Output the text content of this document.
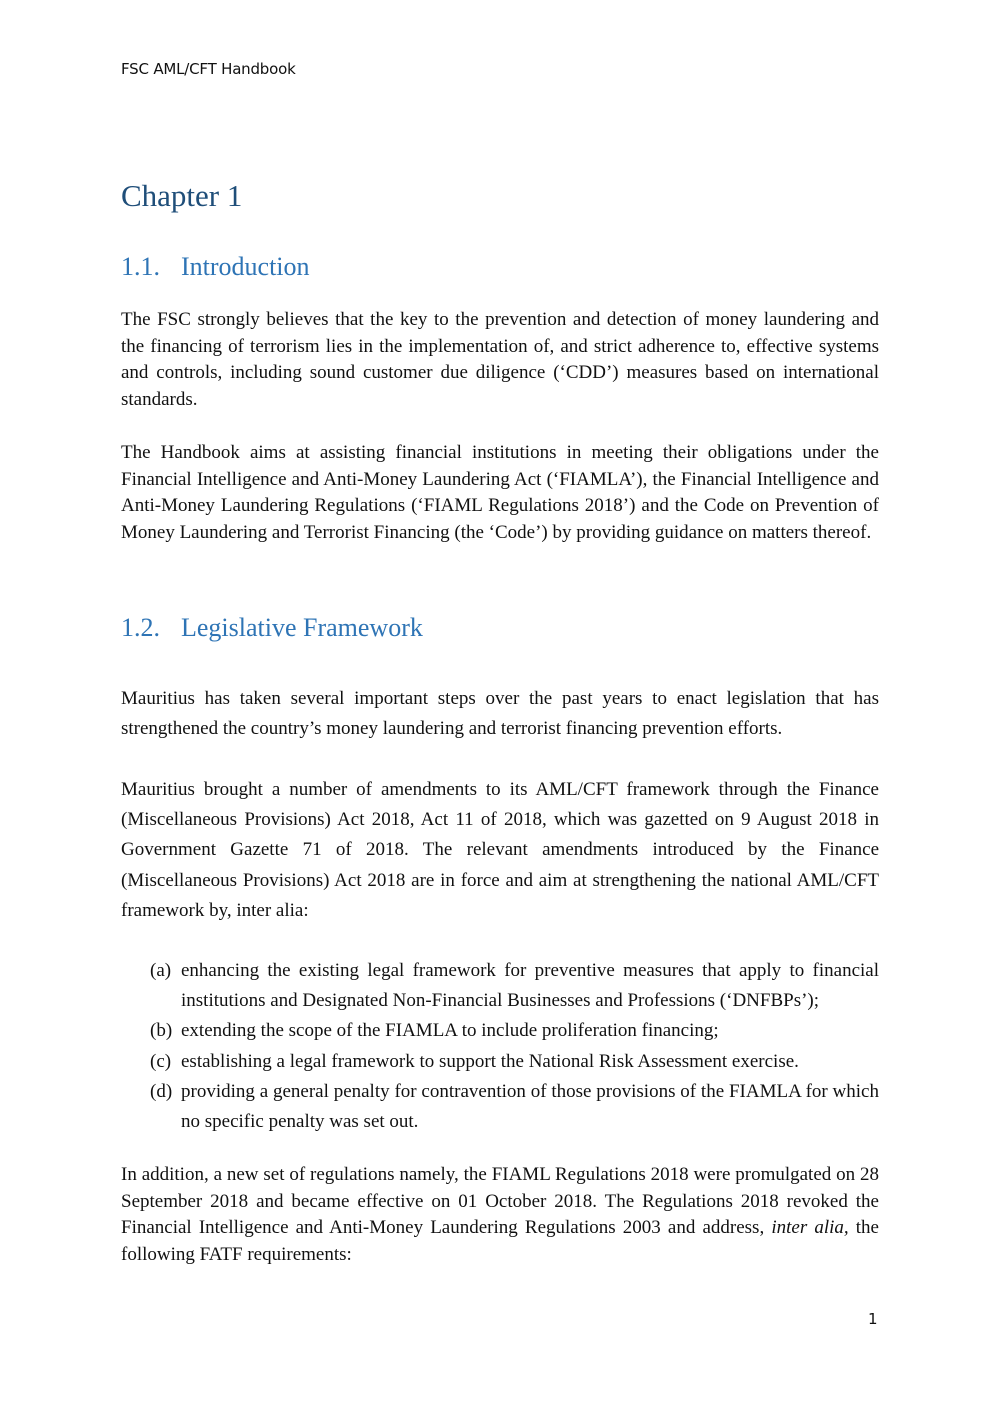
FSC AML/CFT Handbook
Chapter 1
1.1. Introduction

The FSC strongly believes that the key to the prevention and detection of money laundering and the financing of terrorism lies in the implementation of, and strict adherence to, effective systems and controls, including sound customer due diligence (‘CDD’) measures based on international standards.

The Handbook aims at assisting financial institutions in meeting their obligations under the Financial Intelligence and Anti-Money Laundering Act (‘FIAMLA’), the Financial Intelligence and Anti-Money Laundering Regulations (‘FIAML Regulations 2018’) and the Code on Prevention of Money Laundering and Terrorist Financing (the ‘Code’) by providing guidance on matters thereof.

1.2. Legislative Framework

Mauritius has taken several important steps over the past years to enact legislation that has strengthened the country’s money laundering and terrorist financing prevention efforts.

Mauritius brought a number of amendments to its AML/CFT framework through the Finance (Miscellaneous Provisions) Act 2018, Act 11 of 2018, which was gazetted on 9 August 2018 in Government Gazette 71 of 2018. The relevant amendments introduced by the Finance (Miscellaneous Provisions) Act 2018 are in force and aim at strengthening the national AML/CFT framework by, inter alia:

(a) enhancing the existing legal framework for preventive measures that apply to financial institutions and Designated Non-Financial Businesses and Professions (‘DNFBPs’);
(b) extending the scope of the FIAMLA to include proliferation financing;
(c) establishing a legal framework to support the National Risk Assessment exercise.
(d) providing a general penalty for contravention of those provisions of the FIAMLA for which no specific penalty was set out.

In addition, a new set of regulations namely, the FIAML Regulations 2018 were promulgated on 28 September 2018 and became effective on 01 October 2018. The Regulations 2018 revoked the Financial Intelligence and Anti-Money Laundering Regulations 2003 and address, inter alia, the following FATF requirements:

1
